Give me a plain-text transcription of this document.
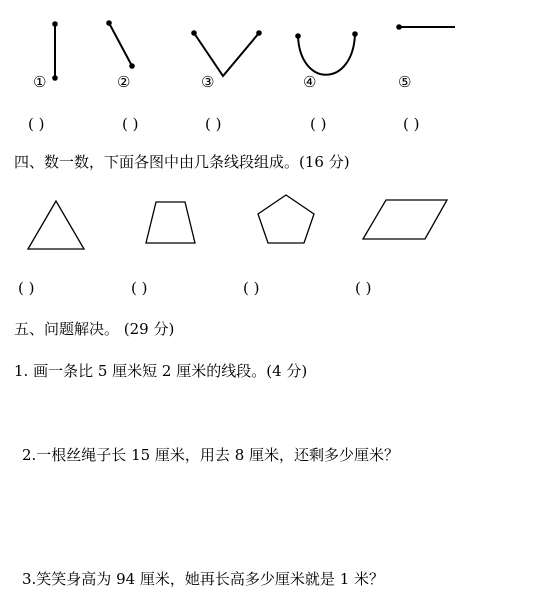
①	②	③	④	⑤
( )	( )	( )	( )	( )
四、数一数，下面各图中由几条线段组成。(16 分)
( )	( )	( )	( )
五、问题解决。 (29 分)
1. 画一条比 5 厘米短 2 厘米的线段。(4 分)
2.一根丝绳子长 15 厘米，用去 8 厘米，还剩多少厘米？
3.笑笑身高为 94 厘米，她再长高多少厘米就是 1 米？
